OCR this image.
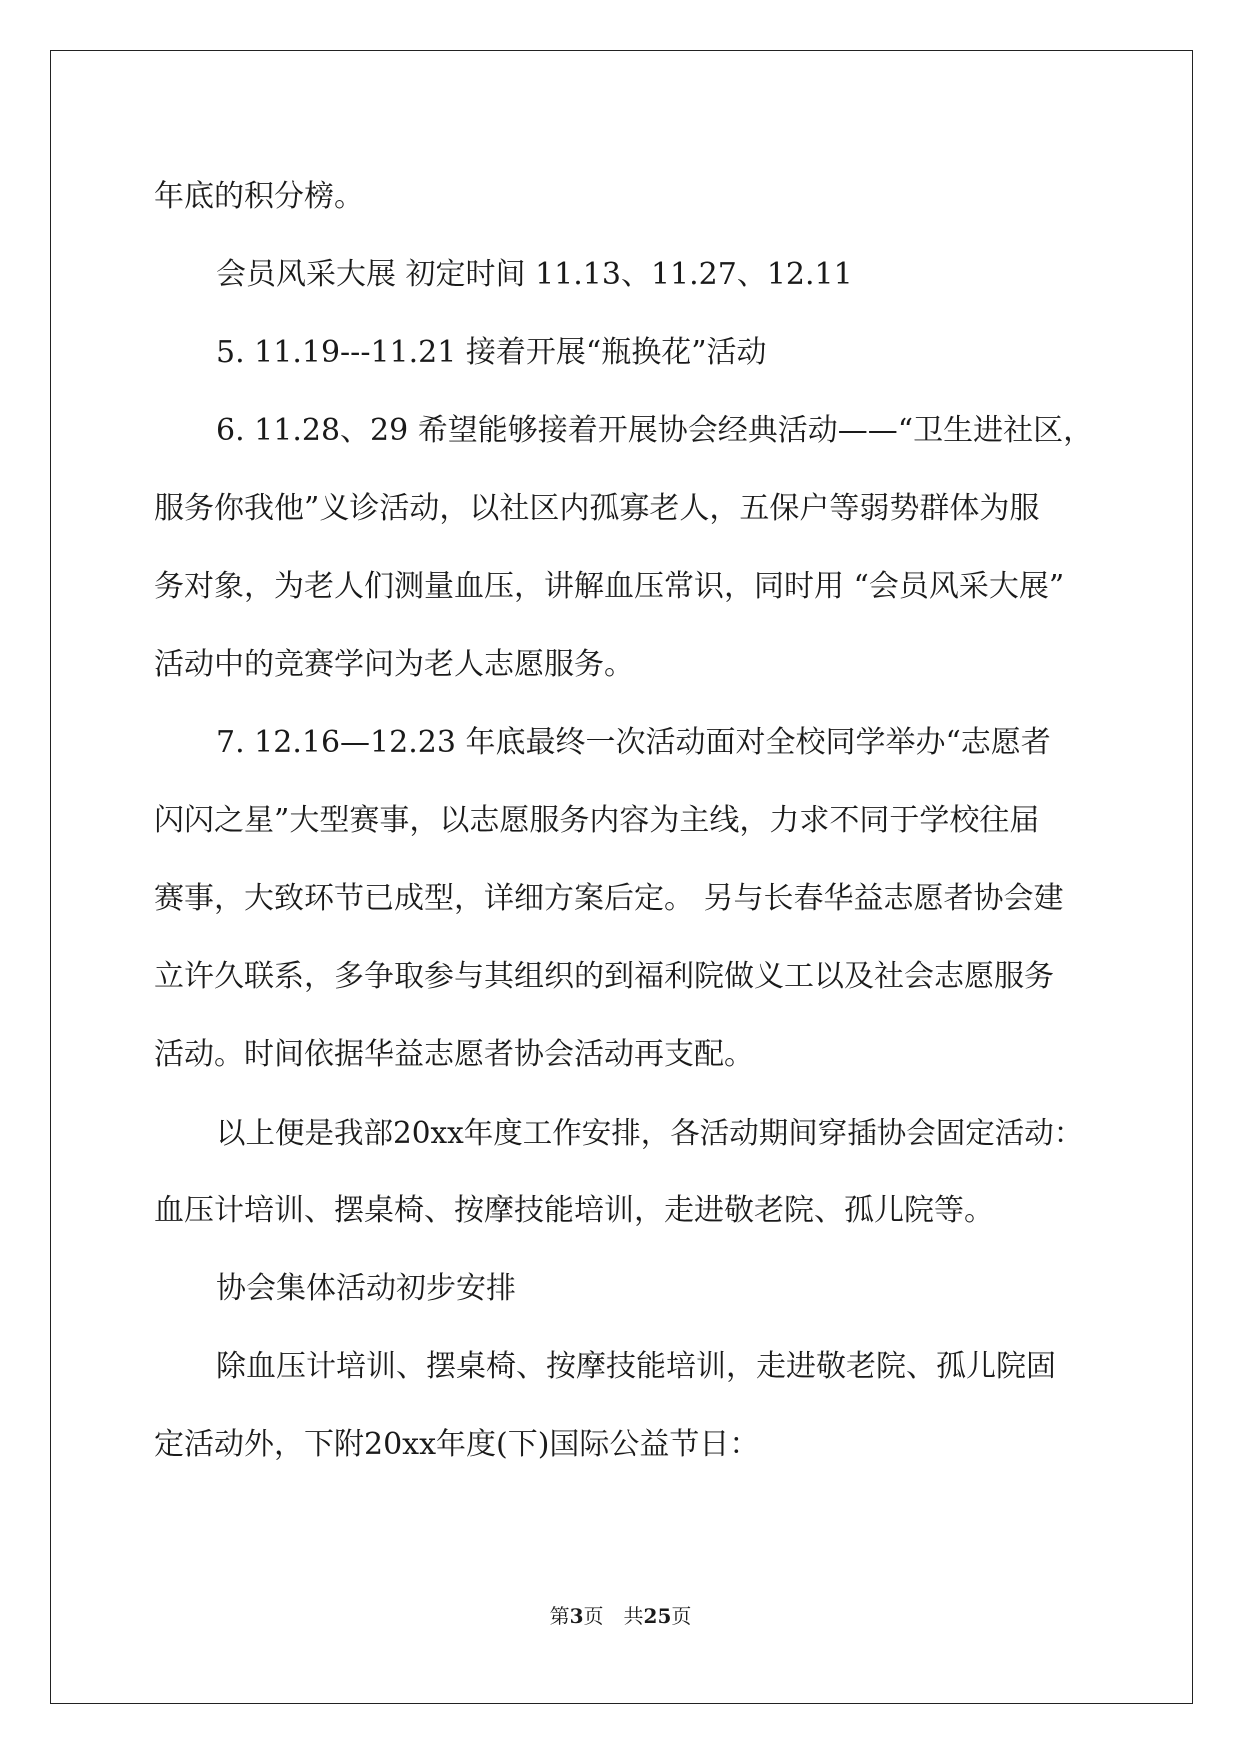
年底的积分榜。
会员风采大展 初定时间 11.13、11.27、12.11
5. 11.19---11.21 接着开展“瓶换花”活动
6. 11.28、29 希望能够接着开展协会经典活动——“卫生进社区，
服务你我他”义诊活动，以社区内孤寡老人，五保户等弱势群体为服
务对象，为老人们测量血压，讲解血压常识，同时用 “会员风采大展”
活动中的竞赛学问为老人志愿服务。
7. 12.16—12.23 年底最终一次活动面对全校同学举办“志愿者
闪闪之星”大型赛事，以志愿服务内容为主线，力求不同于学校往届
赛事，大致环节已成型，详细方案后定。 另与长春华益志愿者协会建
立许久联系，多争取参与其组织的到福利院做义工以及社会志愿服务
活动。时间依据华益志愿者协会活动再支配。
以上便是我部20xx年度工作安排，各活动期间穿插协会固定活动：
血压计培训、摆桌椅、按摩技能培训，走进敬老院、孤儿院等。
协会集体活动初步安排
除血压计培训、摆桌椅、按摩技能培训，走进敬老院、孤儿院固
定活动外，下附20xx年度(下)国际公益节日：
第3页　共25页
